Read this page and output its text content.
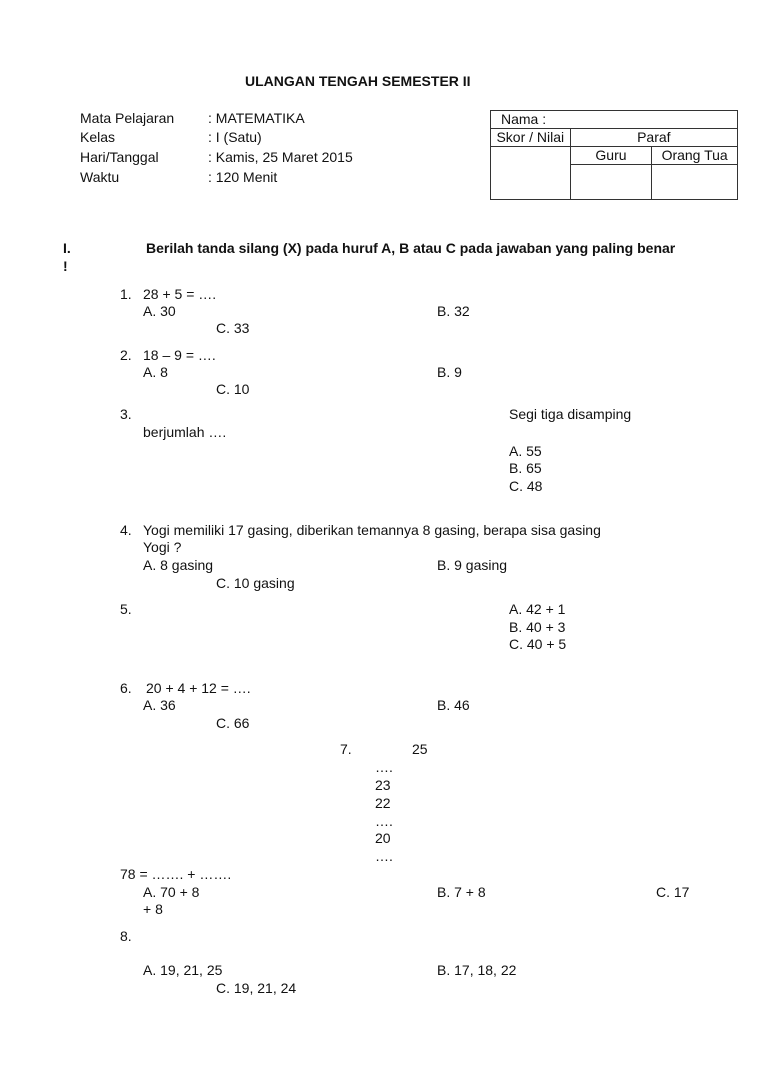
ULANGAN TENGAH SEMESTER II
Mata Pelajaran : MATEMATIKA
Kelas	: I (Satu)
Hari/Tanggal	: Kamis, 25 Maret 2015
Waktu	: 120 Menit
Nama :		
Skor / Nilai	Paraf	
	Guru	Orang Tua

I.	Berilah tanda silang (X) pada huruf A, B atau C pada jawaban yang paling benar
!
1. 28 + 5 = ….
A. 30	B. 32
C. 33
2. 18 – 9 = ….
A. 8	B. 9
C. 10
3.	Segi tiga disamping
berjumlah ….
A. 55
B. 65
C. 48
4. Yogi memiliki 17 gasing, diberikan temannya 8 gasing, berapa sisa gasing
Yogi ?
A. 8 gasing	B. 9 gasing
C. 10 gasing
5.	A. 42 + 1
B. 40 + 3
C. 40 + 5
6. 20 + 4 + 12 = ….
A. 36	B. 46
C. 66
7.	25
….
23
22
….
20
….
78 = ……. + …….
A. 70 + 8	B. 7 + 8	C. 17
+ 8
8.
A. 19, 21, 25	B. 17, 18, 22
C. 19, 21, 24
